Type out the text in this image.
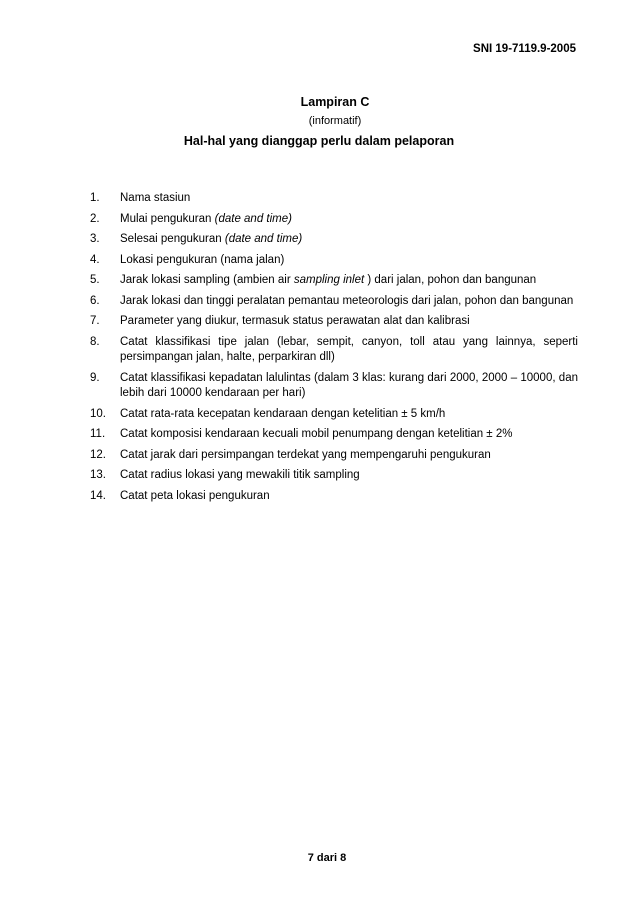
SNI 19-7119.9-2005
Lampiran C
(informatif)
Hal-hal yang dianggap perlu dalam pelaporan
1.	Nama stasiun
2.	Mulai pengukuran (date and time)
3.	Selesai pengukuran (date and time)
4.	Lokasi pengukuran (nama jalan)
5.	Jarak lokasi sampling (ambien air sampling inlet ) dari jalan, pohon dan bangunan
6.	Jarak lokasi dan tinggi peralatan pemantau meteorologis dari jalan, pohon dan bangunan
7.	Parameter yang diukur, termasuk status perawatan alat dan kalibrasi
8.	Catat klassifikasi tipe jalan (lebar, sempit, canyon, toll atau yang lainnya, seperti persimpangan jalan, halte, perparkiran dll)
9.	Catat klassifikasi kepadatan lalulintas (dalam 3 klas: kurang dari 2000, 2000 – 10000, dan lebih dari 10000 kendaraan per hari)
10.	Catat rata-rata kecepatan kendaraan dengan ketelitian ± 5 km/h
11.	Catat komposisi kendaraan kecuali mobil penumpang dengan ketelitian ± 2%
12.	Catat jarak dari persimpangan terdekat yang mempengaruhi pengukuran
13.	Catat radius lokasi yang mewakili titik sampling
14.	Catat peta lokasi pengukuran
7 dari 8
